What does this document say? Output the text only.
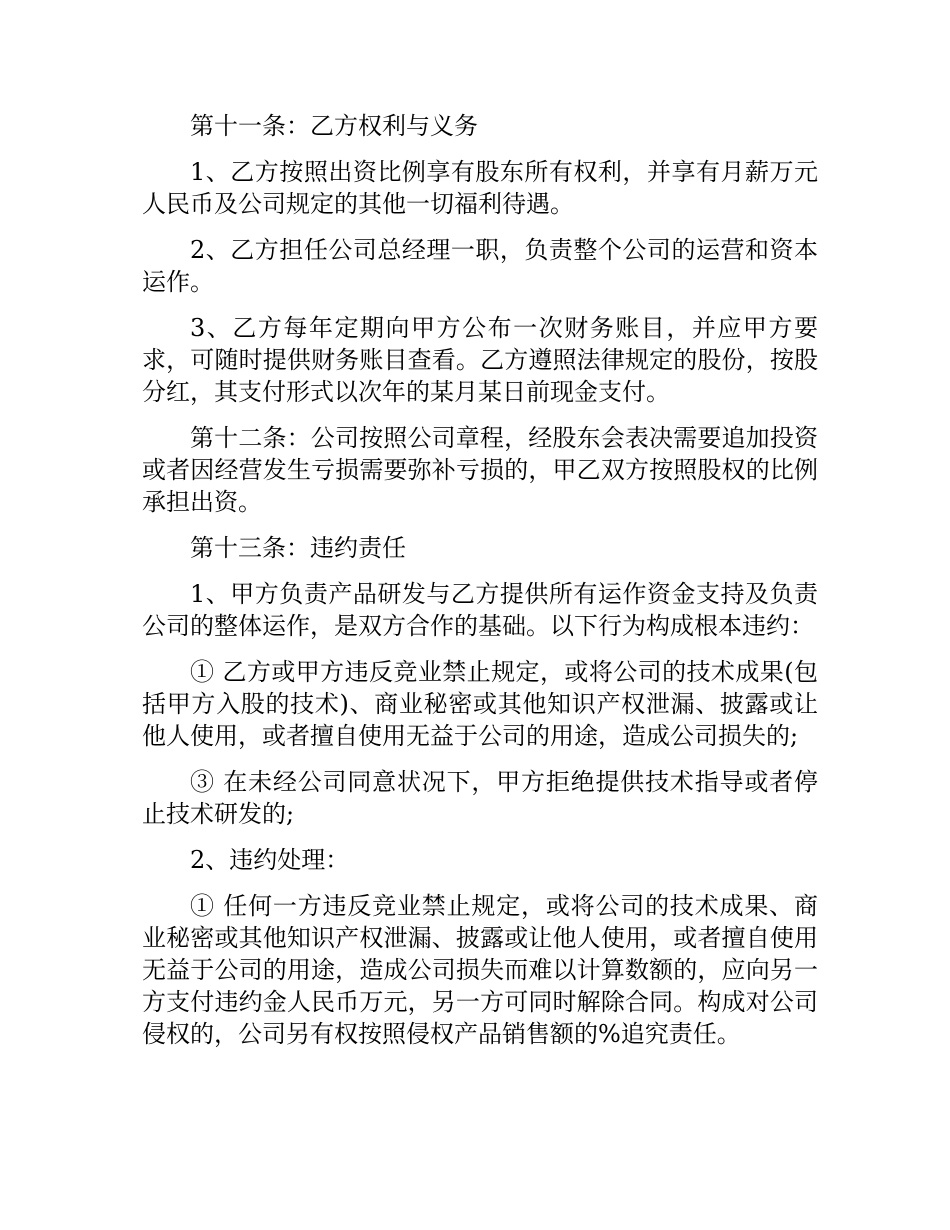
第十一条：乙方权利与义务

1、乙方按照出资比例享有股东所有权利，并享有月薪万元人民币及公司规定的其他一切福利待遇。

2、乙方担任公司总经理一职，负责整个公司的运营和资本运作。

3、乙方每年定期向甲方公布一次财务账目，并应甲方要求，可随时提供财务账目查看。乙方遵照法律规定的股份，按股分红，其支付形式以次年的某月某日前现金支付。

第十二条：公司按照公司章程，经股东会表决需要追加投资或者因经营发生亏损需要弥补亏损的，甲乙双方按照股权的比例承担出资。

第十三条：违约责任

1、甲方负责产品研发与乙方提供所有运作资金支持及负责公司的整体运作，是双方合作的基础。以下行为构成根本违约：

① 乙方或甲方违反竞业禁止规定，或将公司的技术成果(包括甲方入股的技术)、商业秘密或其他知识产权泄漏、披露或让他人使用，或者擅自使用无益于公司的用途，造成公司损失的;

③ 在未经公司同意状况下，甲方拒绝提供技术指导或者停止技术研发的;

2、违约处理：

① 任何一方违反竞业禁止规定，或将公司的技术成果、商业秘密或其他知识产权泄漏、披露或让他人使用，或者擅自使用无益于公司的用途，造成公司损失而难以计算数额的，应向另一方支付违约金人民币万元，另一方可同时解除合同。构成对公司侵权的，公司另有权按照侵权产品销售额的%追究责任。
